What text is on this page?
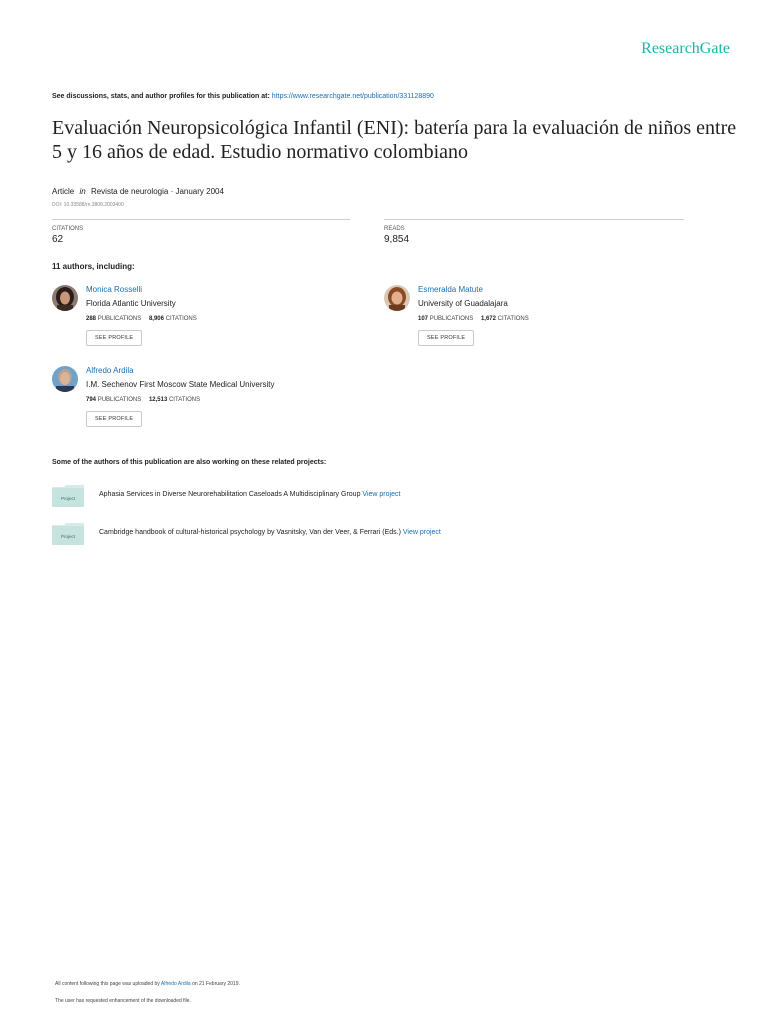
ResearchGate
See discussions, stats, and author profiles for this publication at: https://www.researchgate.net/publication/331128890
Evaluación Neuropsicológica Infantil (ENI): batería para la evaluación de niños entre 5 y 16 años de edad. Estudio normativo colombiano
Article in Revista de neurologia · January 2004
DOI: 10.33588/rn.3808.2003400
CITATIONS
62
READS
9,854
11 authors, including:
Monica Rosselli
Florida Atlantic University
288 PUBLICATIONS 8,906 CITATIONS
SEE PROFILE
Esmeralda Matute
University of Guadalajara
107 PUBLICATIONS 1,672 CITATIONS
SEE PROFILE
Alfredo Ardila
I.M. Sechenov First Moscow State Medical University
794 PUBLICATIONS 12,513 CITATIONS
SEE PROFILE
Some of the authors of this publication are also working on these related projects:
Project
Aphasia Services in Diverse Neurorehabilitation Caseloads A Multidisciplinary Group View project
Project
Cambridge handbook of cultural-historical psychology by Vasnitsky, Van der Veer, & Ferrari (Eds.) View project
All content following this page was uploaded by Alfredo Ardila on 21 February 2019.
The user has requested enhancement of the downloaded file.
